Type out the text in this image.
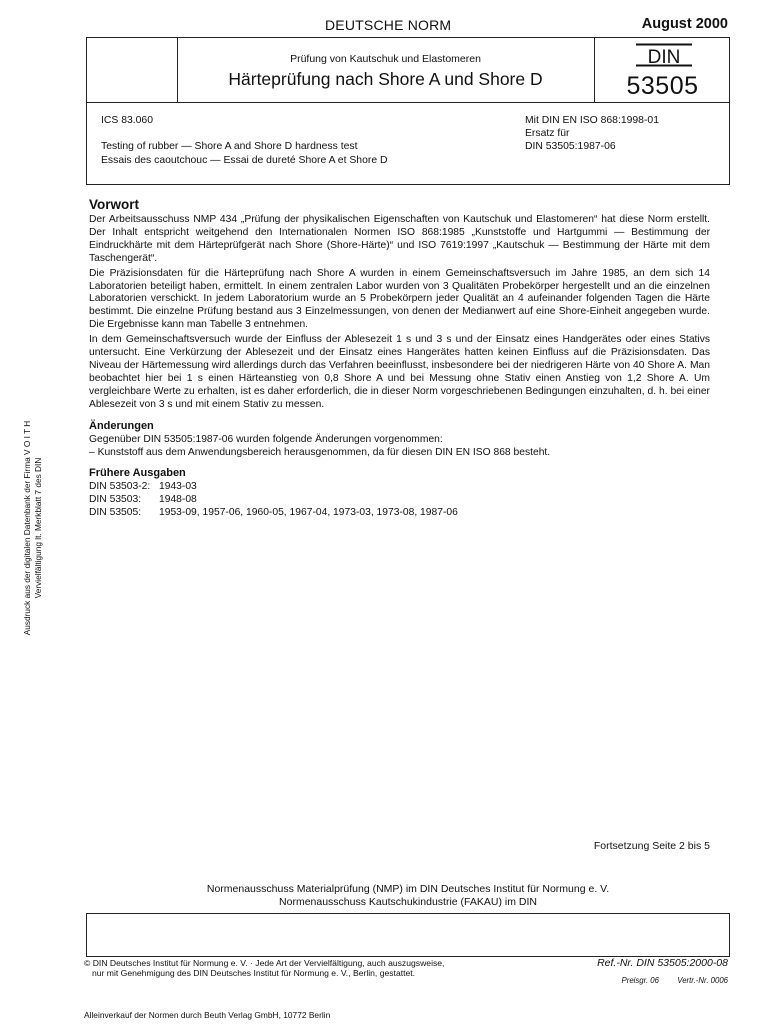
DEUTSCHE NORM	August 2000
Prüfung von Kautschuk und Elastomeren
Härteprüfung nach Shore A und Shore D
DIN
53505
ICS 83.060
Testing of rubber — Shore A and Shore D hardness test
Essais des caoutchouc — Essai de dureté Shore A et Shore D
Mit DIN EN ISO 868:1998-01
Ersatz für
DIN 53505:1987-06
Ausdruck aus der digitalen Datenbank der Firma V O I T H Vervielfältigung lt. Merkblatt 7 des DIN
Vorwort

Der Arbeitsausschuss NMP 434 „Prüfung der physikalischen Eigenschaften von Kautschuk und Elastomeren“ hat diese Norm erstellt. Der Inhalt entspricht weitgehend den Internationalen Normen ISO 868:1985 „Kunststoffe und Hartgummi — Bestimmung der Eindruckhärte mit dem Härteprüfgerät nach Shore (Shore-Härte)“ und ISO 7619:1997 „Kautschuk — Bestimmung der Härte mit dem Taschengerät“.

Die Präzisionsdaten für die Härteprüfung nach Shore A wurden in einem Gemeinschaftsversuch im Jahre 1985, an dem sich 14 Laboratorien beteiligt haben, ermittelt. In einem zentralen Labor wurden von 3 Qualitäten Probekörper hergestellt und an die einzelnen Laboratorien verschickt. In jedem Laboratorium wurde an 5 Probekörpern jeder Qualität an 4 aufeinander folgenden Tagen die Härte bestimmt. Die einzelne Prüfung bestand aus 3 Einzelmessungen, von denen der Medianwert auf eine Shore-Einheit angegeben wurde. Die Ergebnisse kann man Tabelle 3 entnehmen.

In dem Gemeinschaftsversuch wurde der Einfluss der Ablesezeit 1 s und 3 s und der Einsatz eines Handgerätes oder eines Stativs untersucht. Eine Verkürzung der Ablesezeit und der Einsatz eines Hangerätes hatten keinen Einfluss auf die Präzisionsdaten. Das Niveau der Härtemessung wird allerdings durch das Verfahren beeinflusst, insbesondere bei der niedrigeren Härte von 40 Shore A. Man beobachtet hier bei 1 s einen Härteanstieg von 0,8 Shore A und bei Messung ohne Stativ einen Anstieg von 1,2 Shore A. Um vergleichbare Werte zu erhalten, ist es daher erforderlich, die in dieser Norm vorgeschriebenen Bedingungen einzuhalten, d. h. bei einer Ablesezeit von 3 s und mit einem Stativ zu messen.

Änderungen
Gegenüber DIN 53505:1987-06 wurden folgende Änderungen vorgenommen:
– Kunststoff aus dem Anwendungsbereich herausgenommen, da für diesen DIN EN ISO 868 besteht.
Frühere Ausgaben
DIN 53503-2: 1943-03
DIN 53503:	1948-08
DIN 53505:	1953-09, 1957-06, 1960-05, 1967-04, 1973-03, 1973-08, 1987-06
Fortsetzung Seite 2 bis 5
Normenausschuss Materialprüfung (NMP) im DIN Deutsches Institut für Normung e. V.
Normenausschuss Kautschukindustrie (FAKAU) im DIN
© DIN Deutsches Institut für Normung e. V. · Jede Art der Vervielfältigung, auch auszugsweise,
nur mit Genehmigung des DIN Deutsches Institut für Normung e. V., Berlin, gestattet.
Ref.-Nr. DIN 53505:2000-08
Preisgr. 06 Vertr.-Nr. 0006
Alleinverkauf der Normen durch Beuth Verlag GmbH, 10772 Berlin
